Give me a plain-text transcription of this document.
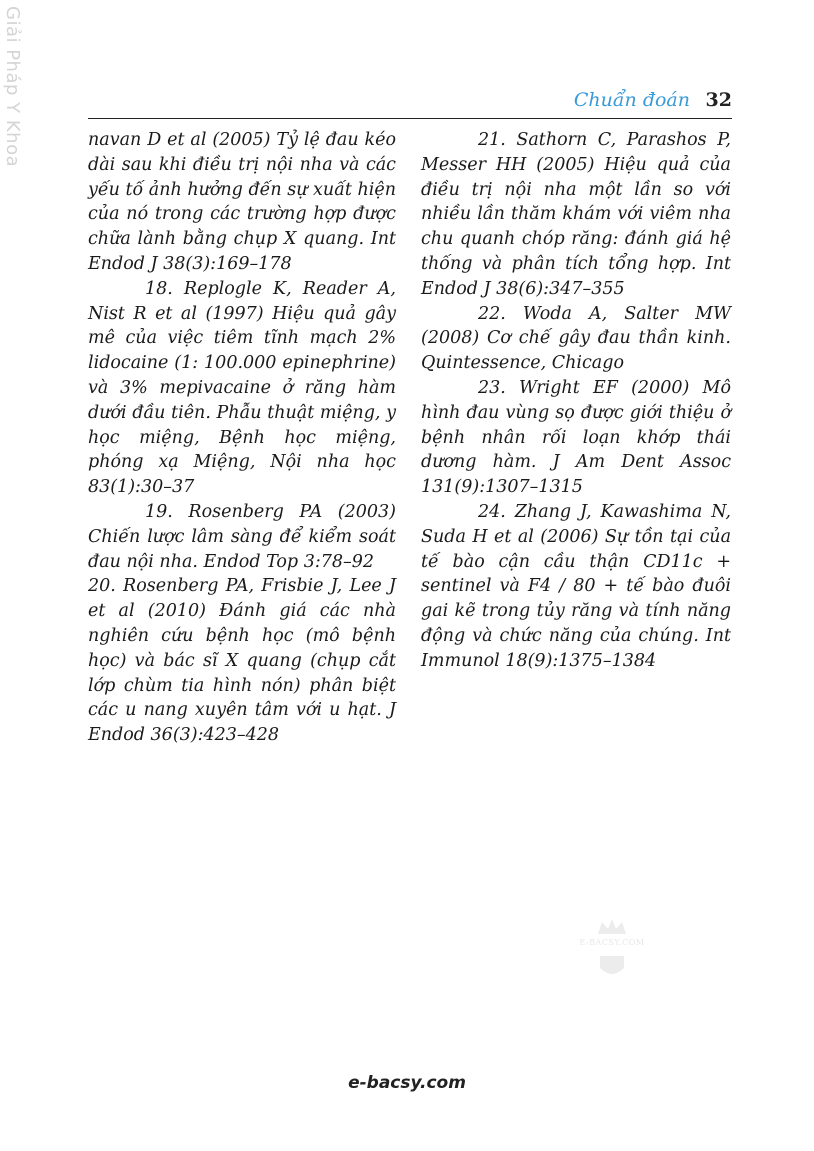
Giải Pháp Y Khoa	Chuẩn đoán 32

navan D et al (2005) Tỷ lệ đau kéo dài sau khi điều trị nội nha và các yếu tố ảnh hưởng đến sự xuất hiện của nó trong các trường hợp được chữa lành bằng chụp X quang. Int Endod J 38(3):169–178

18. Replogle K, Reader A, Nist R et al (1997) Hiệu quả gây mê của việc tiêm tĩnh mạch 2% lidocaine (1: 100.000 epinephrine) và 3% mepivacaine ở răng hàm dưới đầu tiên. Phẫu thuật miệng, y học miệng, Bệnh học miệng, phóng xạ Miệng, Nội nha học 83(1):30–37

19. Rosenberg PA (2003) Chiến lược lâm sàng để kiểm soát đau nội nha. Endod Top 3:78–92

20. Rosenberg PA, Frisbie J, Lee J et al (2010) Đánh giá các nhà nghiên cứu bệnh học (mô bệnh học) và bác sĩ X quang (chụp cắt lớp chùm tia hình nón) phân biệt các u nang xuyên tâm với u hạt. J Endod 36(3):423–428

21. Sathorn C, Parashos P, Messer HH (2005) Hiệu quả của điều trị nội nha một lần so với nhiều lần thăm khám với viêm nha chu quanh chóp răng: đánh giá hệ thống và phân tích tổng hợp. Int Endod J 38(6):347–355

22. Woda A, Salter MW (2008) Cơ chế gây đau thần kinh. Quintessence, Chicago

23. Wright EF (2000) Mô hình đau vùng sọ được giới thiệu ở bệnh nhân rối loạn khớp thái dương hàm. J Am Dent Assoc 131(9):1307–1315

24. Zhang J, Kawashima N, Suda H et al (2006) Sự tồn tại của tế bào cận cầu thận CD11c + sentinel và F4 / 80 + tế bào đuôi gai kẽ trong tủy răng và tính năng động và chức năng của chúng. Int Immunol 18(9):1375–1384

E-BACSY.COM
e-bacsy.com
